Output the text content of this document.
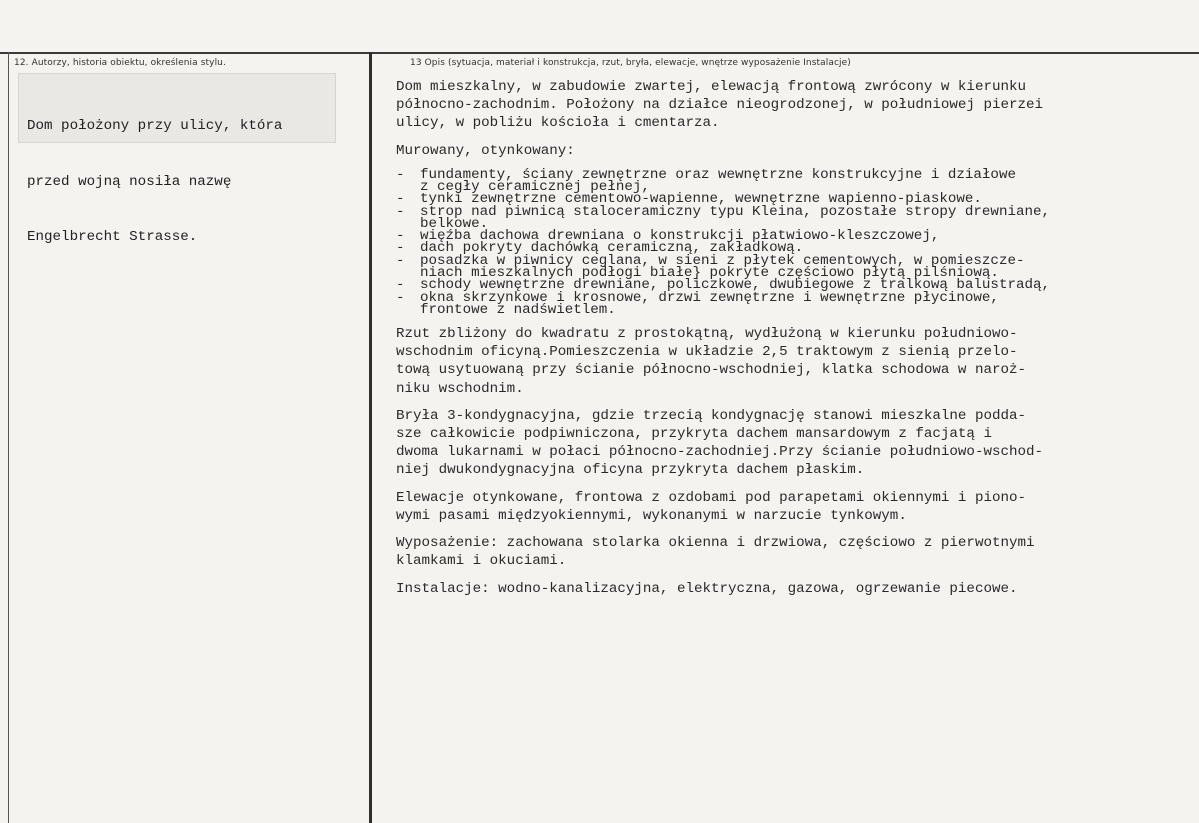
12. Autorzy, historia obiektu, określenia stylu.	13 Opis (sytuacja, materiał i konstrukcja, rzut, bryła, elewacje, wnętrze wyposażenie Instalacje)

Dom położony przy ulicy, która

przed wojną nosiła nazwę

Engelbrecht Strasse.

Dom mieszkalny, w zabudowie zwartej, elewacją frontową zwrócony w kierunku
północno-zachodnim. Położony na działce nieogrodzonej, w południowej pierzei
ulicy, w pobliżu kościoła i cmentarza.
Murowany, otynkowany:
-	fundamenty, ściany zewnętrzne oraz wewnętrzne konstrukcyjne i działowe
z cegły ceramicznej pełnej,
-	tynki zewnętrzne cementowo-wapienne, wewnętrzne wapienno-piaskowe.
-	strop nad piwnicą staloceramiczny typu Kleina, pozostałe stropy drewniane,
belkowe.
-	więźba dachowa drewniana o konstrukcji płatwiowo-kleszczowej,
-	dach pokryty dachówką ceramiczną, zakładkową.
-	posadzka w piwnicy ceglana, w sieni z płytek cementowych, w pomieszcze-
niach mieszkalnych podłogi białe} pokryte częściowo płytą pilśniową.
-	schody wewnętrzne drewniane, policzkowe, dwubiegowe z tralkową balustradą,
-	okna skrzynkowe i krosnowe, drzwi zewnętrzne i wewnętrzne płycinowe,
frontowe z nadświetlem.
Rzut zbliżony do kwadratu z prostokątną, wydłużoną w kierunku południowo-
wschodnim oficyną.Pomieszczenia w układzie 2,5 traktowym z sienią przelo-
tową usytuowaną przy ścianie północno-wschodniej, klatka schodowa w naroż-
niku wschodnim.
Bryła 3-kondygnacyjna, gdzie trzecią kondygnację stanowi mieszkalne podda-
sze całkowicie podpiwniczona, przykryta dachem mansardowym z facjatą i
dwoma lukarnami w połaci północno-zachodniej.Przy ścianie południowo-wschod-
niej dwukondygnacyjna oficyna przykryta dachem płaskim.
Elewacje otynkowane, frontowa z ozdobami pod parapetami okiennymi i piono-
wymi pasami międzyokiennymi, wykonanymi w narzucie tynkowym.
Wyposażenie: zachowana stolarka okienna i drzwiowa, częściowo z pierwotnymi
klamkami i okuciami.
Instalacje: wodno-kanalizacyjna, elektryczna, gazowa, ogrzewanie piecowe.
